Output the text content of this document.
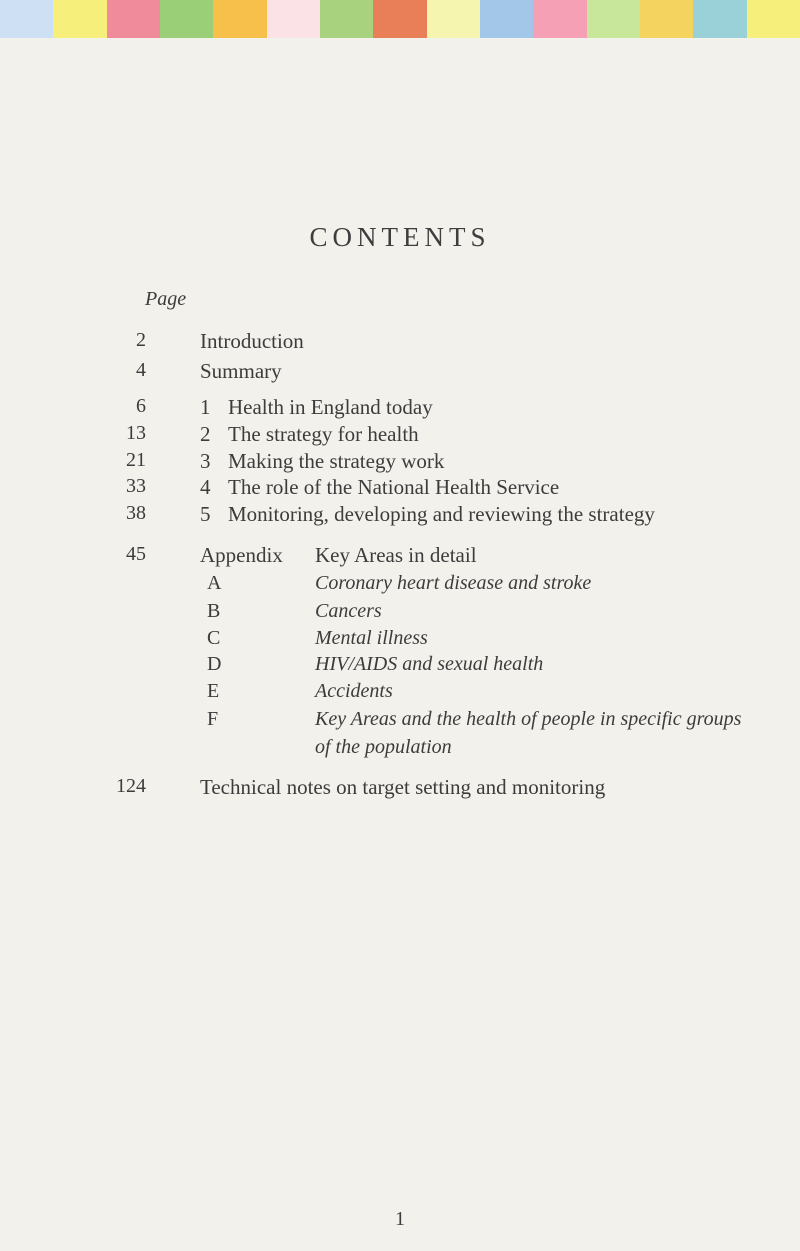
CONTENTS
Page
2	Introduction
4	Summary
6	1 Health in England today
13	2 The strategy for health
21	3 Making the strategy work
33	4 The role of the National Health Service
38	5 Monitoring, developing and reviewing the strategy
45	Appendix Key Areas in detail
A	Coronary heart disease and stroke
B	Cancers
C	Mental illness
D	HIV/AIDS and sexual health
E	Accidents
F	Key Areas and the health of people in specific groups
of the population
124	Technical notes on target setting and monitoring
1
